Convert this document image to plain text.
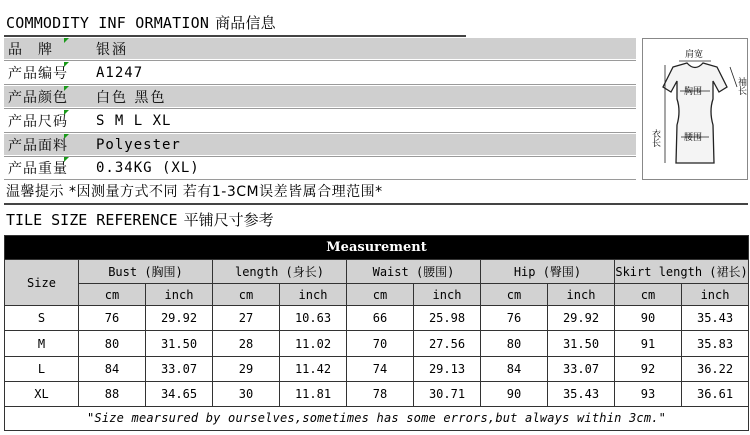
COMMODITY INF ORMATION 商品信息
品　牌	银涵
产品编号	A1247
产品颜色	白色 黑色
产品尺码	S M L XL
产品面料	Polyester
产品重量	0.34KG (XL)
温馨提示 *因测量方式不同 若有1-3CM误差皆属合理范围*
肩宽
胸围
腰围
衣长
袖长
TILE SIZE REFERENCE 平铺尺寸参考
Measurement										
Size	Bust (胸围)		length (身长)		Waist (腰围)		Hip (臀围)		Skirt length (裙长)	
	cm	inch	cm	inch	cm	inch	cm	inch	cm	inch
S	76	29.92	27	10.63	66	25.98	76	29.92	90	35.43
M	80	31.50	28	11.02	70	27.56	80	31.50	91	35.83
L	84	33.07	29	11.42	74	29.13	84	33.07	92	36.22
XL	88	34.65	30	11.81	78	30.71	90	35.43	93	36.61
"Size mearsured by ourselves,sometimes has some errors,but always within 3cm."										
